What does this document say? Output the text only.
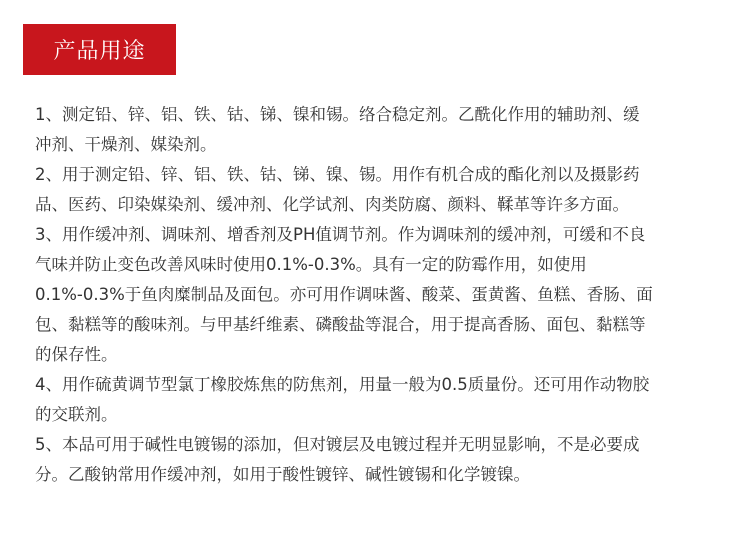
产品用途
1、测定铅、锌、铝、铁、钴、锑、镍和锡。络合稳定剂。乙酰化作用的辅助剂、缓
冲剂、干燥剂、媒染剂。
2、用于测定铅、锌、铝、铁、钴、锑、镍、锡。用作有机合成的酯化剂以及摄影药
品、医药、印染媒染剂、缓冲剂、化学试剂、肉类防腐、颜料、鞣革等许多方面。
3、用作缓冲剂、调味剂、增香剂及PH值调节剂。作为调味剂的缓冲剂，可缓和不良
气味并防止变色改善风味时使用0.1%-0.3%。具有一定的防霉作用，如使用
0.1%-0.3%于鱼肉糜制品及面包。亦可用作调味酱、酸菜、蛋黄酱、鱼糕、香肠、面
包、黏糕等的酸味剂。与甲基纤维素、磷酸盐等混合，用于提高香肠、面包、黏糕等
的保存性。
4、用作硫黄调节型氯丁橡胶炼焦的防焦剂，用量一般为0.5质量份。还可用作动物胶
的交联剂。
5、本品可用于碱性电镀锡的添加，但对镀层及电镀过程并无明显影响，不是必要成
分。乙酸钠常用作缓冲剂，如用于酸性镀锌、碱性镀锡和化学镀镍。
